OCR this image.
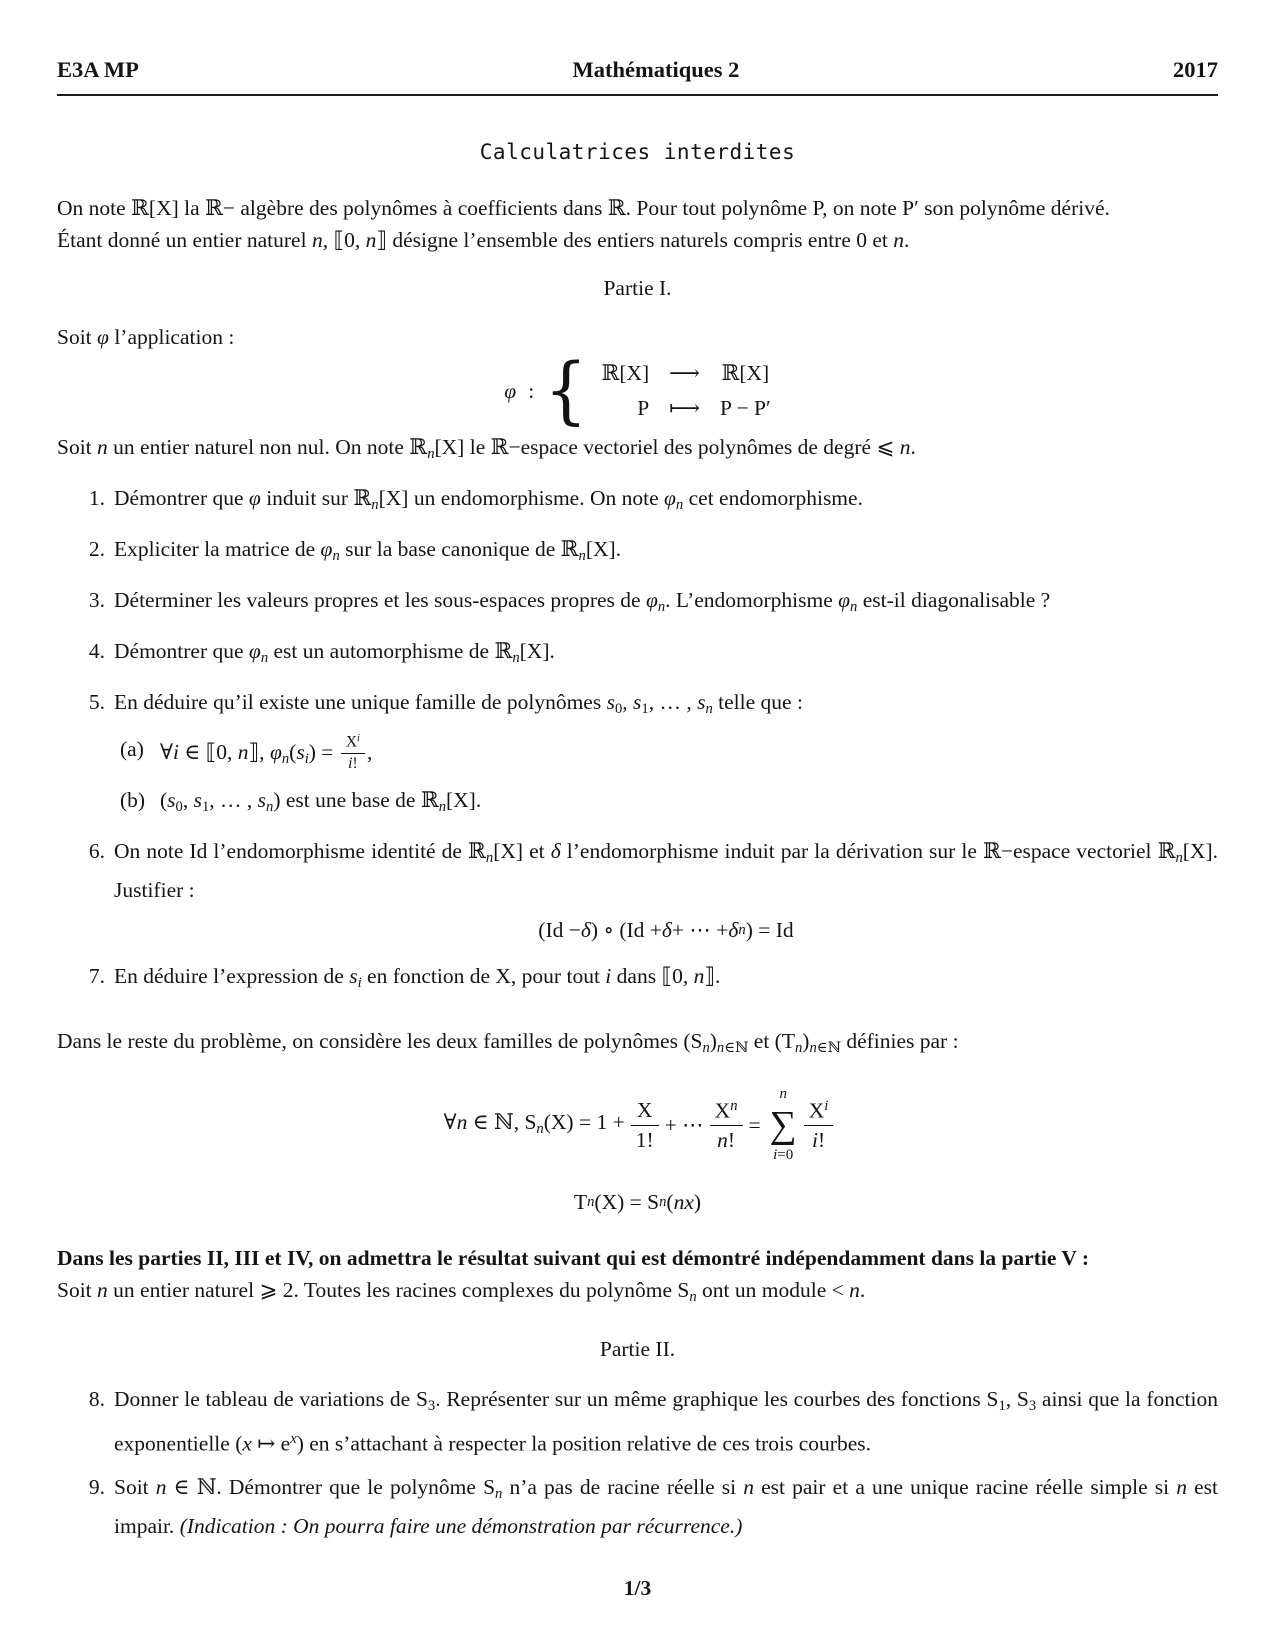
E3A MP	Mathématiques 2	2017
Calculatrices interdites

On note ℝ[X] la ℝ− algèbre des polynômes à coefficients dans ℝ. Pour tout polynôme P, on note P′ son polynôme dérivé.

Étant donné un entier naturel n, ⟦0, n⟧ désigne l’ensemble des entiers naturels compris entre 0 et n.

Partie I.

Soit φ l’application :

φ : { ℝ[X] ⟶ ℝ[X]
P ⟼ P − P′

Soit n un entier naturel non nul. On note ℝn[X] le ℝ−espace vectoriel des polynômes de degré ⩽ n.

1. Démontrer que φ induit sur ℝn[X] un endomorphisme. On note φn cet endomorphisme.
2. Expliciter la matrice de φn sur la base canonique de ℝn[X].
3. Déterminer les valeurs propres et les sous-espaces propres de φn. L’endomorphisme φn est-il diagonalisable ?
4. Démontrer que φn est un automorphisme de ℝn[X].
5. En déduire qu’il existe une unique famille de polynômes s0, s1, … , sn telle que :
(a) ∀i ∈ ⟦0, n⟧, $\varphi n(si) = \frac{X^i}{i!}$ ,
(b) (s0, s1, … , sn) est une base de ℝn[X].
6. On note Id l’endomorphisme identité de ℝn[X] et δ l’endomorphisme induit par la dérivation sur le ℝ−espace vectoriel ℝn[X]. Justifier :
(Id − δ ) ∘ (Id + δ + ⋯ + δ n ) = Id
7. En déduire l’expression de si en fonction de X, pour tout i dans ⟦0, n⟧.

Dans le reste du problème, on considère les deux familles de polynômes (Sn)n∈ℕ et (Tn)n∈ℕ définies par :

∀n ∈ ℕ, $Sn(X) = 1 + \frac{X}{1!}$ + ⋯ $\frac{X^n}{n!}$ =
n
∑
i=0
$\frac{X^i}{i!}$
T n (X) = S n ( nx )

Dans les parties II, III et IV, on admettra le résultat suivant qui est démontré indépendamment dans la partie V :

Soit n un entier naturel ⩾ 2. Toutes les racines complexes du polynôme Sn ont un module < n.

Partie II.
8. Donner le tableau de variations de S3. Représenter sur un même graphique les courbes des fonctions S1, S3 ainsi que la fonction exponentielle (x ↦ $e^x$) en s’attachant à respecter la position relative de ces trois courbes.
9. Soit n ∈ ℕ. Démontrer que le polynôme Sn n’a pas de racine réelle si n est pair et a une unique racine réelle simple si n est impair. (Indication : On pourra faire une démonstration par récurrence.)
1/3
